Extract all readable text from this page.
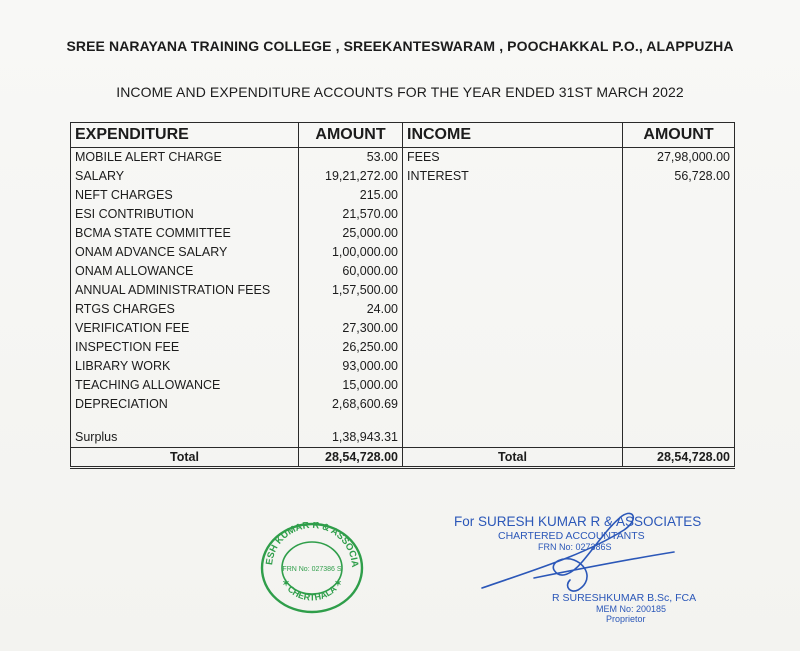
SREE NARAYANA TRAINING COLLEGE , SREEKANTESWARAM , POOCHAKKAL P.O., ALAPPUZHA
INCOME AND EXPENDITURE ACCOUNTS FOR THE YEAR ENDED 31ST MARCH 2022
EXPENDITURE	AMOUNT	INCOME	AMOUNT
MOBILE ALERT CHARGE	53.00	FEES	27,98,000.00
SALARY	19,21,272.00	INTEREST	56,728.00
NEFT CHARGES	215.00		
ESI CONTRIBUTION	21,570.00		
BCMA STATE COMMITTEE	25,000.00		
ONAM ADVANCE SALARY	1,00,000.00		
ONAM ALLOWANCE	60,000.00		
ANNUAL ADMINISTRATION FEES	1,57,500.00		
RTGS CHARGES	24.00		
VERIFICATION FEE	27,300.00		
INSPECTION FEE	26,250.00		
LIBRARY WORK	93,000.00		
TEACHING ALLOWANCE	15,000.00		
DEPRECIATION	2,68,600.69		

Surplus	1,38,943.31		
Total	28,54,728.00	Total	28,54,728.00
ESH KUMAR R & ASSOCIA
FRN No: 027386 S
✶ CHERTHALA ✶
For SURESH KUMAR R & ASSOCIATES
CHARTERED ACCOUNTANTS
FRN No: 027386S
R SURESHKUMAR B.Sc, FCA
MEM No: 200185
Proprietor
